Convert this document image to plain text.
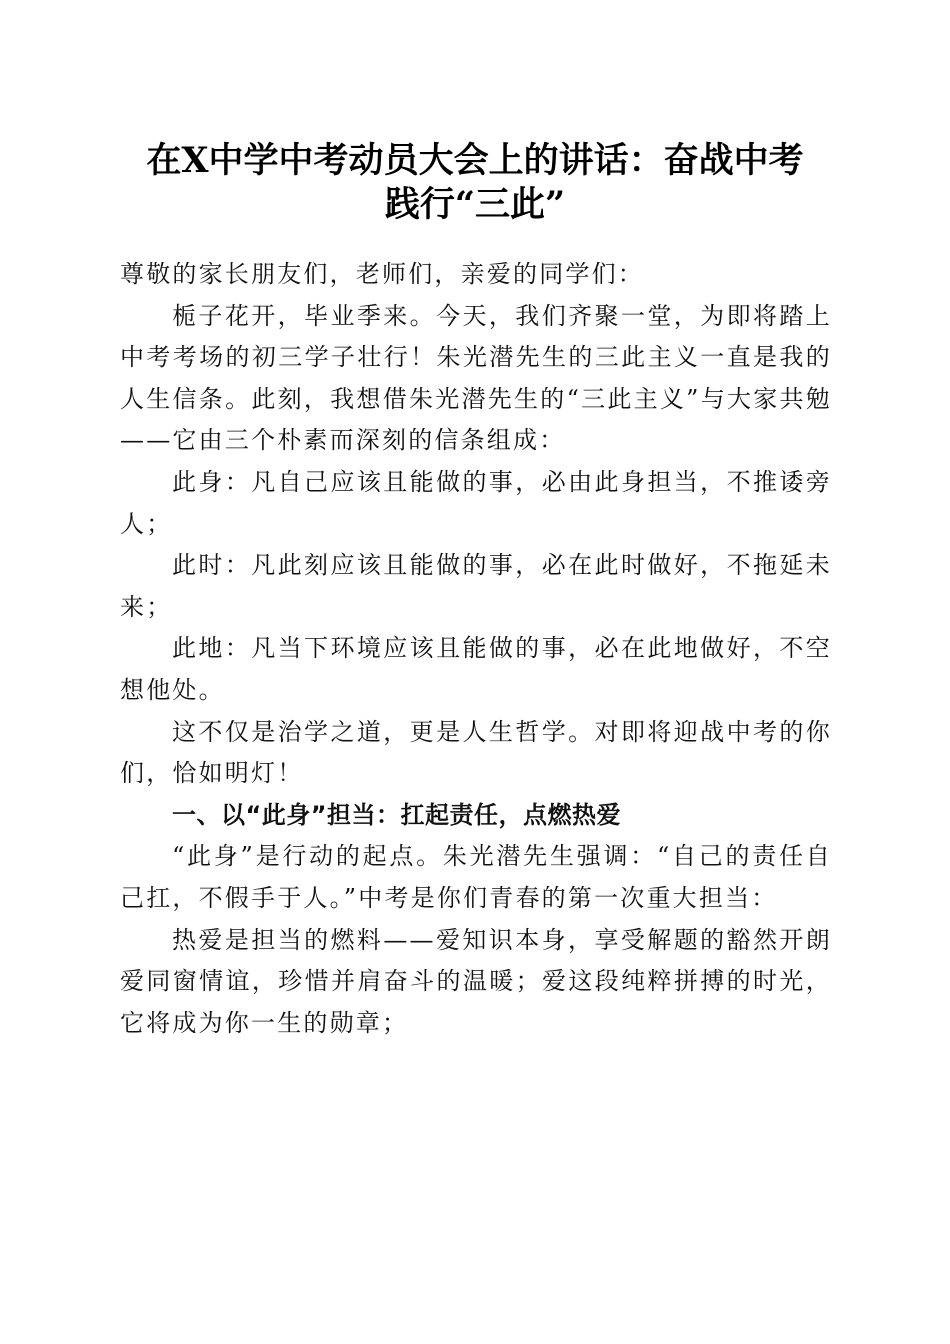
在X中学中考动员大会上的讲话：奋战中考
践行“三此”

尊敬的家长朋友们，老师们，亲爱的同学们：

栀子花开，毕业季来。今天，我们齐聚一堂，为即将踏上中考考场的初三学子壮行！朱光潜先生的三此主义一直是我的人生信条。此刻，我想借朱光潜先生的“三此主义”与大家共勉——它由三个朴素而深刻的信条组成：

此身：凡自己应该且能做的事，必由此身担当，不推诿旁人；

此时：凡此刻应该且能做的事，必在此时做好，不拖延未来；

此地：凡当下环境应该且能做的事，必在此地做好，不空想他处。

这不仅是治学之道，更是人生哲学。对即将迎战中考的你们，恰如明灯！

一、以“此身”担当：扛起责任，点燃热爱

“此身”是行动的起点。朱光潜先生强调：“自己的责任自己扛，不假手于人。”中考是你们青春的第一次重大担当：

热爱是担当的燃料——爱知识本身，享受解题的豁然开朗爱同窗情谊，珍惜并肩奋斗的温暖；爱这段纯粹拼搏的时光，它将成为你一生的勋章；
